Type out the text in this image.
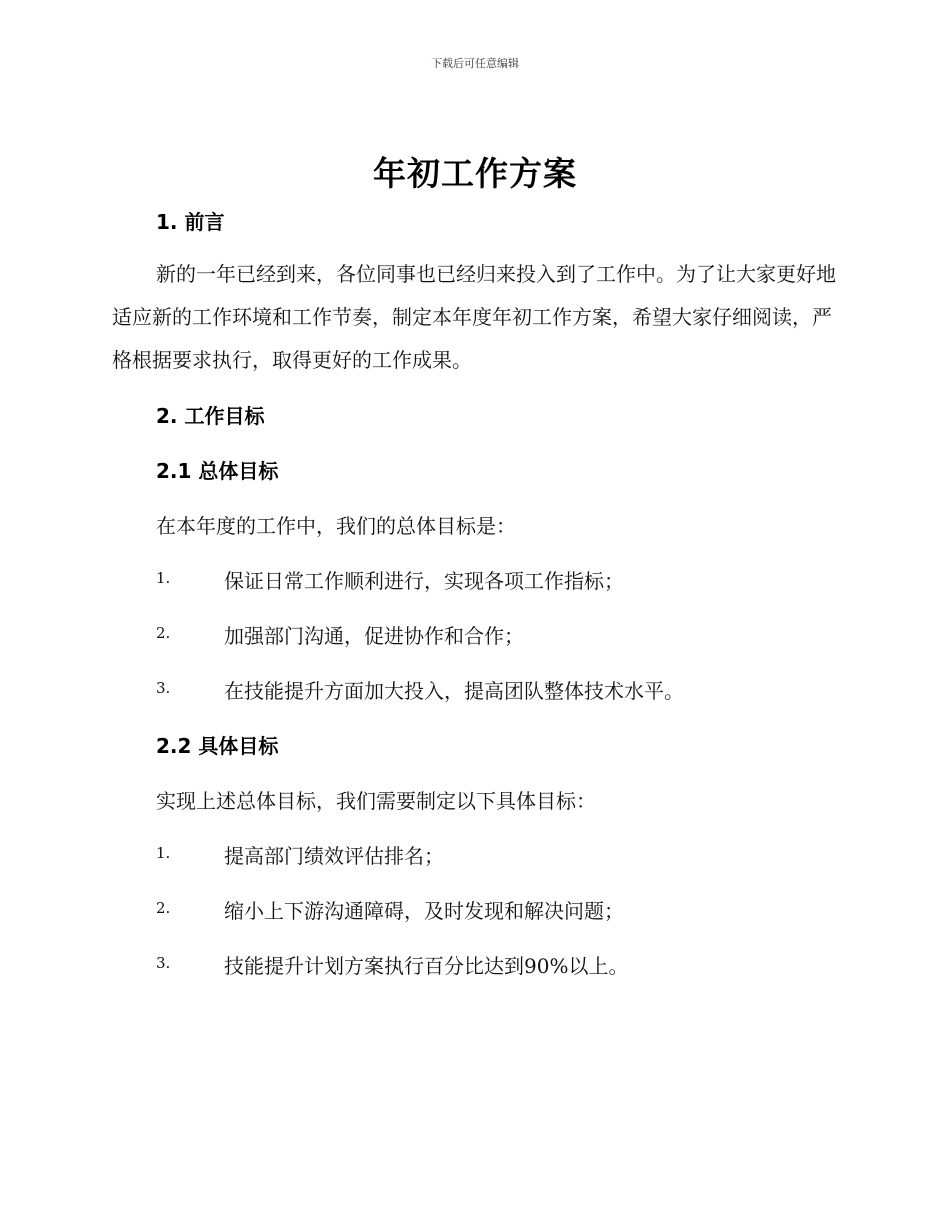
下载后可任意编辑
年初工作方案
1. 前言

新的一年已经到来，各位同事也已经归来投入到了工作中。为了让大家更好地适应新的工作环境和工作节奏，制定本年度年初工作方案，希望大家仔细阅读，严格根据要求执行，取得更好的工作成果。

2. 工作目标
2.1 总体目标

在本年度的工作中，我们的总体目标是：

1.	保证日常工作顺利进行，实现各项工作指标；
2.	加强部门沟通，促进协作和合作；
3.	在技能提升方面加大投入，提高团队整体技术水平。
2.2 具体目标

实现上述总体目标，我们需要制定以下具体目标：

1.	提高部门绩效评估排名；
2.	缩小上下游沟通障碍，及时发现和解决问题；
3.	技能提升计划方案执行百分比达到90%以上。
